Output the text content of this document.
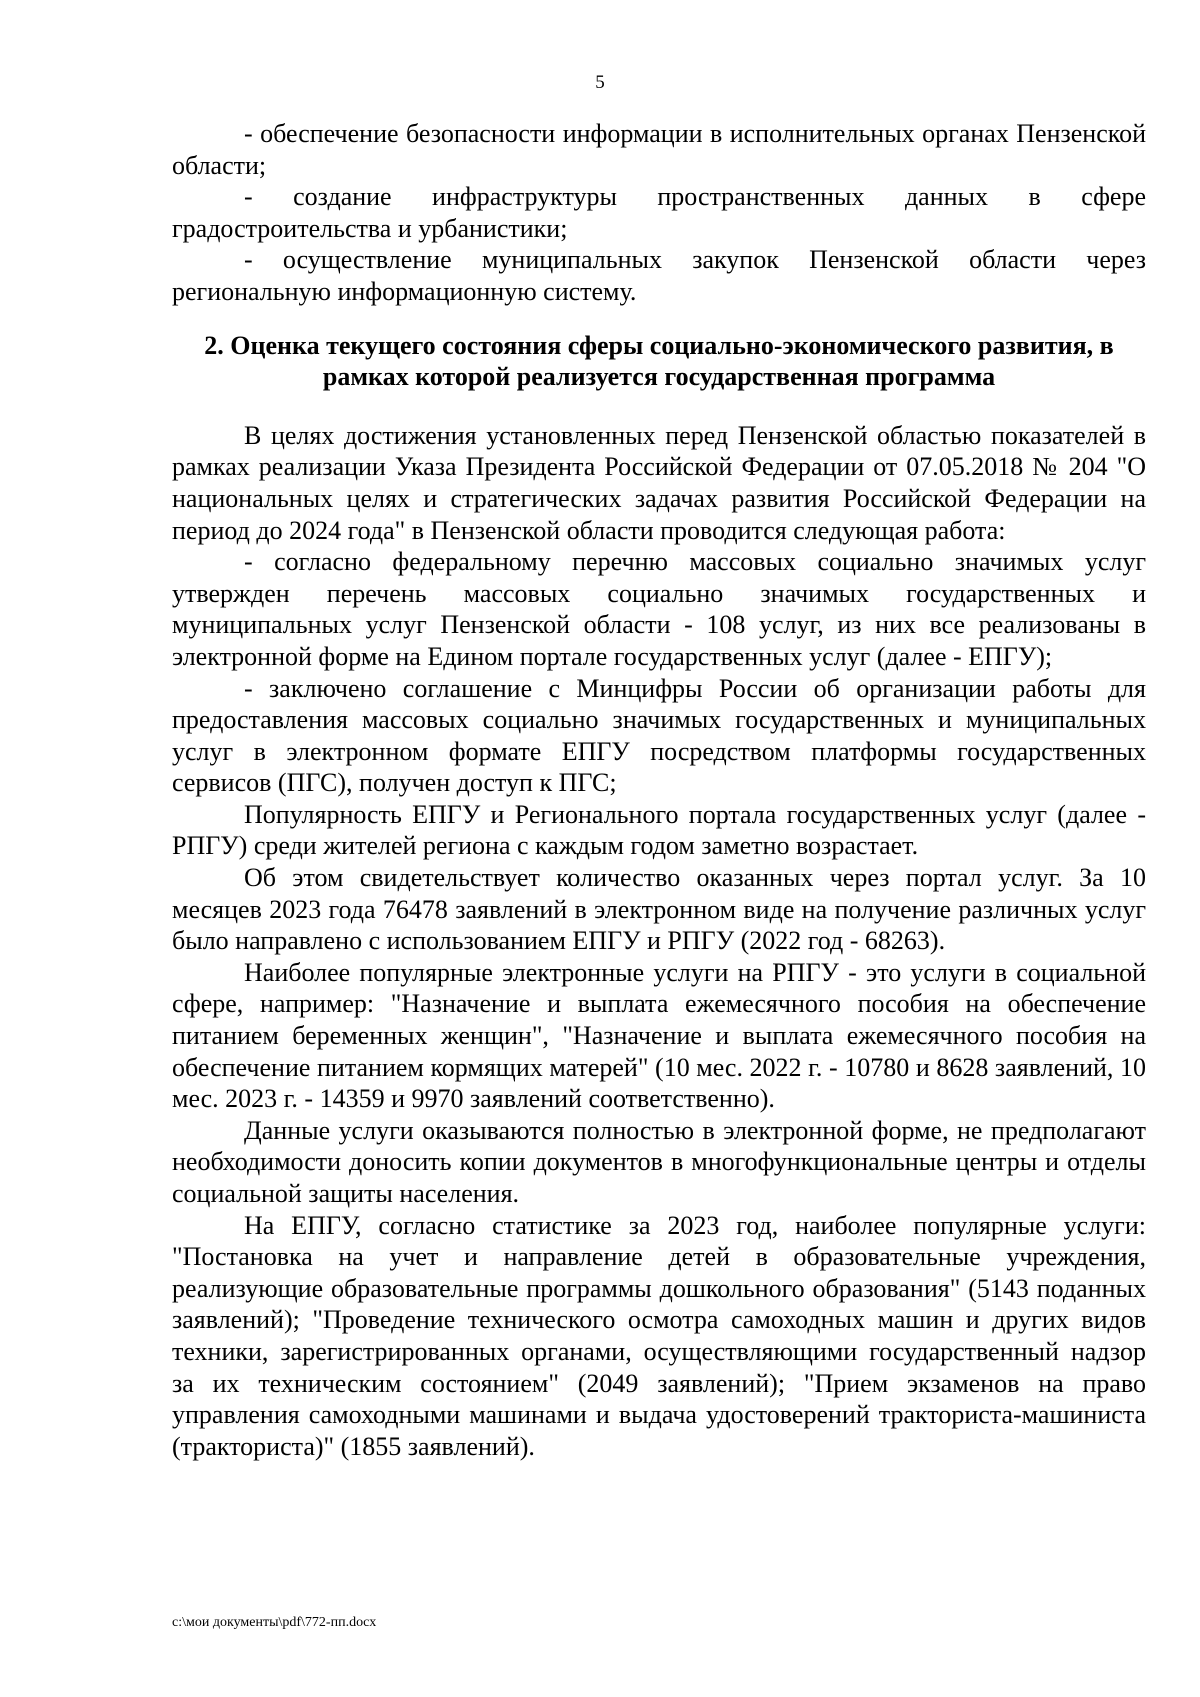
5

- обеспечение безопасности информации в исполнительных органах Пензенской области;

- создание инфраструктуры пространственных данных в сфере градостроительства и урбанистики;

- осуществление муниципальных закупок Пензенской области через региональную информационную систему.

2. Оценка текущего состояния сферы социально-экономического развития, в рамках которой реализуется государственная программа

В целях достижения установленных перед Пензенской областью показателей в рамках реализации Указа Президента Российской Федерации от 07.05.2018 № 204 "О национальных целях и стратегических задачах развития Российской Федерации на период до 2024 года" в Пензенской области проводится следующая работа:

- согласно федеральному перечню массовых социально значимых услуг утвержден перечень массовых социально значимых государственных и муниципальных услуг Пензенской области - 108 услуг, из них все реализованы в электронной форме на Едином портале государственных услуг (далее - ЕПГУ);

- заключено соглашение с Минцифры России об организации работы для предоставления массовых социально значимых государственных и муниципальных услуг в электронном формате ЕПГУ посредством платформы государственных сервисов (ПГС), получен доступ к ПГС;

Популярность ЕПГУ и Регионального портала государственных услуг (далее - РПГУ) среди жителей региона с каждым годом заметно возрастает.

Об этом свидетельствует количество оказанных через портал услуг. За 10 месяцев 2023 года 76478 заявлений в электронном виде на получение различных услуг было направлено с использованием ЕПГУ и РПГУ (2022 год - 68263).

Наиболее популярные электронные услуги на РПГУ - это услуги в социальной сфере, например: "Назначение и выплата ежемесячного пособия на обеспечение питанием беременных женщин", "Назначение и выплата ежемесячного пособия на обеспечение питанием кормящих матерей" (10 мес. 2022 г. - 10780 и 8628 заявлений, 10 мес. 2023 г. - 14359 и 9970 заявлений соответственно).

Данные услуги оказываются полностью в электронной форме, не предполагают необходимости доносить копии документов в многофункциональные центры и отделы социальной защиты населения.

На ЕПГУ, согласно статистике за 2023 год, наиболее популярные услуги: "Постановка на учет и направление детей в образовательные учреждения, реализующие образовательные программы дошкольного образования" (5143 поданных заявлений); "Проведение технического осмотра самоходных машин и других видов техники, зарегистрированных органами, осуществляющими государственный надзор за их техническим состоянием" (2049 заявлений); "Прием экзаменов на право управления самоходными машинами и выдача удостоверений тракториста-машиниста (тракториста)" (1855 заявлений).

c:\мои документы\pdf\772-пп.docx
